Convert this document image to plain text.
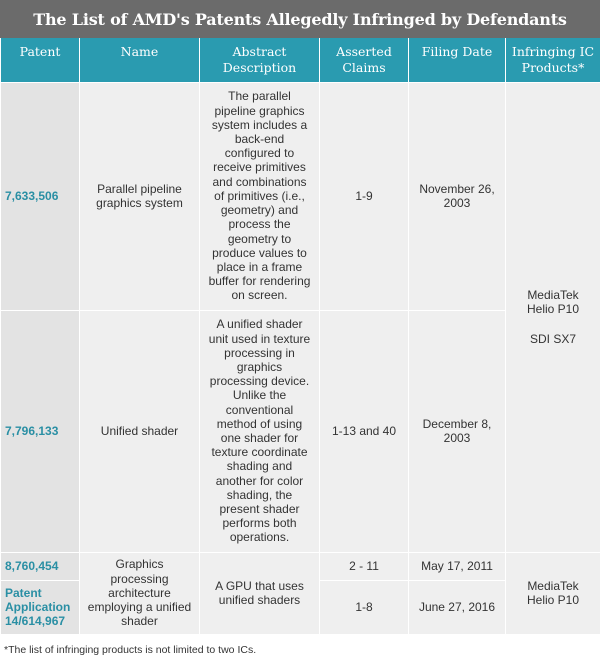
The List of AMD's Patents Allegedly Infringed by Defendants
Patent	Name	Abstract Description	Asserted Claims	Filing Date	Infringing IC Products*
7,633,506	Parallel pipeline graphics system	The parallel pipeline graphics system includes a back-end configured to receive primitives and combinations of primitives (i.e., geometry) and process the geometry to produce values to place in a frame buffer for rendering on screen.	1-9	November 26, 2003	MediaTek Helio P10
SDI SX7

7,796,133	Unified shader	A unified shader unit used in texture processing in graphics processing device. Unlike the conventional method of using one shader for texture coordinate shading and another for color shading, the present shader performs both operations.	1-13 and 40	December 8, 2003	
8,760,454	Graphics processing architecture employing a unified shader	A GPU that uses unified shaders	2 - 11	May 17, 2011	MediaTek Helio P10
Patent Application 14/614,967			1-8	June 27, 2016	
*The list of infringing products is not limited to two ICs.
